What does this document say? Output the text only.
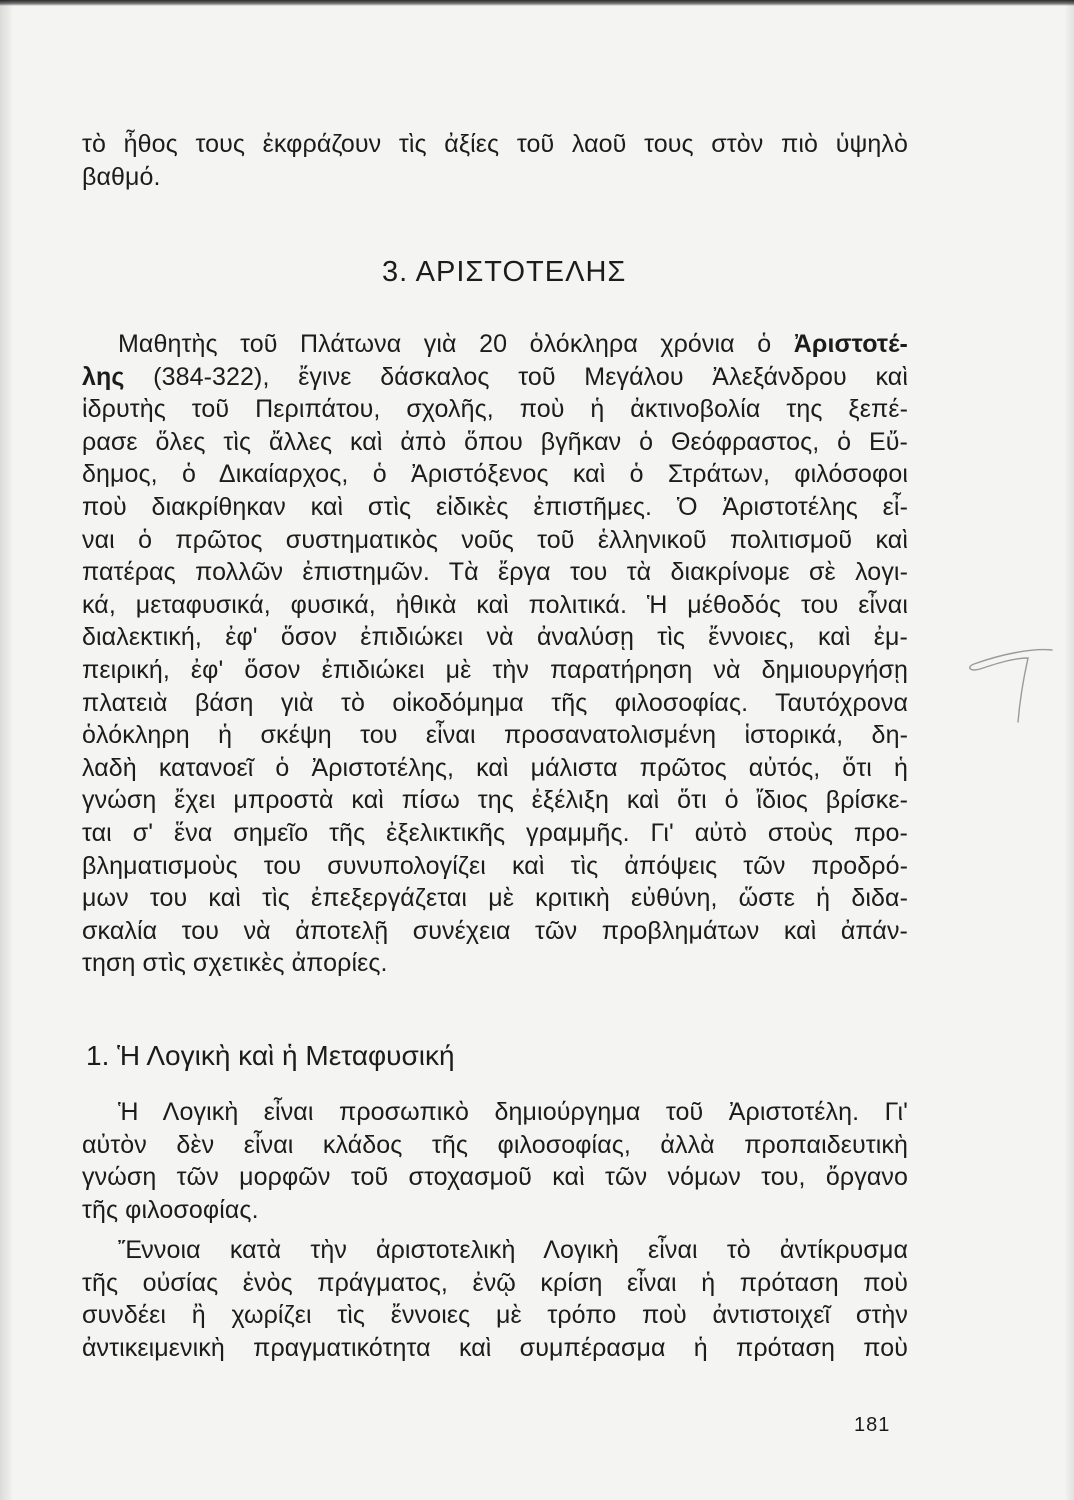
τὸ ἦθος τους ἐκφράζουν τὶς ἀξίες τοῦ λαοῦ τους στὸν πιὸ ὑψηλὸ
βαθμό.
3. ΑΡΙΣΤΟΤΕΛΗΣ
Μαθητὴς τοῦ Πλάτωνα γιὰ 20 ὁλόκληρα χρόνια ὁ Ἀριστοτέ-
λης (384-322), ἔγινε δάσκαλος τοῦ Μεγάλου Ἀλεξάνδρου καὶ
ἱδρυτὴς τοῦ Περιπάτου, σχολῆς, ποὺ ἡ ἀκτινοβολία της ξεπέ-
ρασε ὅλες τὶς ἄλλες καὶ ἀπὸ ὅπου βγῆκαν ὁ Θεόφραστος, ὁ Εὔ-
δημος, ὁ Δικαίαρχος, ὁ Ἀριστόξενος καὶ ὁ Στράτων, φιλόσοφοι
ποὺ διακρίθηκαν καὶ στὶς εἰδικὲς ἐπιστῆμες. Ὁ Ἀριστοτέλης εἶ-
ναι ὁ πρῶτος συστηματικὸς νοῦς τοῦ ἑλληνικοῦ πολιτισμοῦ καὶ
πατέρας πολλῶν ἐπιστημῶν. Τὰ ἔργα του τὰ διακρίνομε σὲ λογι-
κά, μεταφυσικά, φυσικά, ἠθικὰ καὶ πολιτικά. Ἡ μέθοδός του εἶναι
διαλεκτική, ἐφ' ὅσον ἐπιδιώκει νὰ ἀναλύσῃ τὶς ἔννοιες, καὶ ἐμ-
πειρική, ἐφ' ὅσον ἐπιδιώκει μὲ τὴν παρατήρηση νὰ δημιουργήσῃ
πλατειὰ βάση γιὰ τὸ οἰκοδόμημα τῆς φιλοσοφίας. Ταυτόχρονα
ὁλόκληρη ἡ σκέψη του εἶναι προσανατολισμένη ἱστορικά, δη-
λαδὴ κατανοεῖ ὁ Ἀριστοτέλης, καὶ μάλιστα πρῶτος αὐτός, ὅτι ἡ
γνώση ἔχει μπροστὰ καὶ πίσω της ἐξέλιξη καὶ ὅτι ὁ ἴδιος βρίσκε-
ται σ' ἕνα σημεῖο τῆς ἐξελικτικῆς γραμμῆς. Γι' αὐτὸ στοὺς προ-
βληματισμοὺς του συνυπολογίζει καὶ τὶς ἀπόψεις τῶν προδρό-
μων του καὶ τὶς ἐπεξεργάζεται μὲ κριτικὴ εὐθύνη, ὥστε ἡ διδα-
σκαλία του νὰ ἀποτελῇ συνέχεια τῶν προβλημάτων καὶ ἀπάν-
τηση στὶς σχετικὲς ἀπορίες.
1. Ἡ Λογικὴ καὶ ἡ Μεταφυσική
Ἡ Λογικὴ εἶναι προσωπικὸ δημιούργημα τοῦ Ἀριστοτέλη. Γι'
αὐτὸν δὲν εἶναι κλάδος τῆς φιλοσοφίας, ἀλλὰ προπαιδευτικὴ
γνώση τῶν μορφῶν τοῦ στοχασμοῦ καὶ τῶν νόμων του, ὄργανο
τῆς φιλοσοφίας.
Ἔννοια κατὰ τὴν ἀριστοτελικὴ Λογικὴ εἶναι τὸ ἀντίκρυσμα
τῆς οὐσίας ἑνὸς πράγματος, ἐνῷ κρίση εἶναι ἡ πρόταση ποὺ
συνδέει ἢ χωρίζει τὶς ἔννοιες μὲ τρόπο ποὺ ἀντιστοιχεῖ στὴν
ἀντικειμενικὴ πραγματικότητα καὶ συμπέρασμα ἡ πρόταση ποὺ
181
